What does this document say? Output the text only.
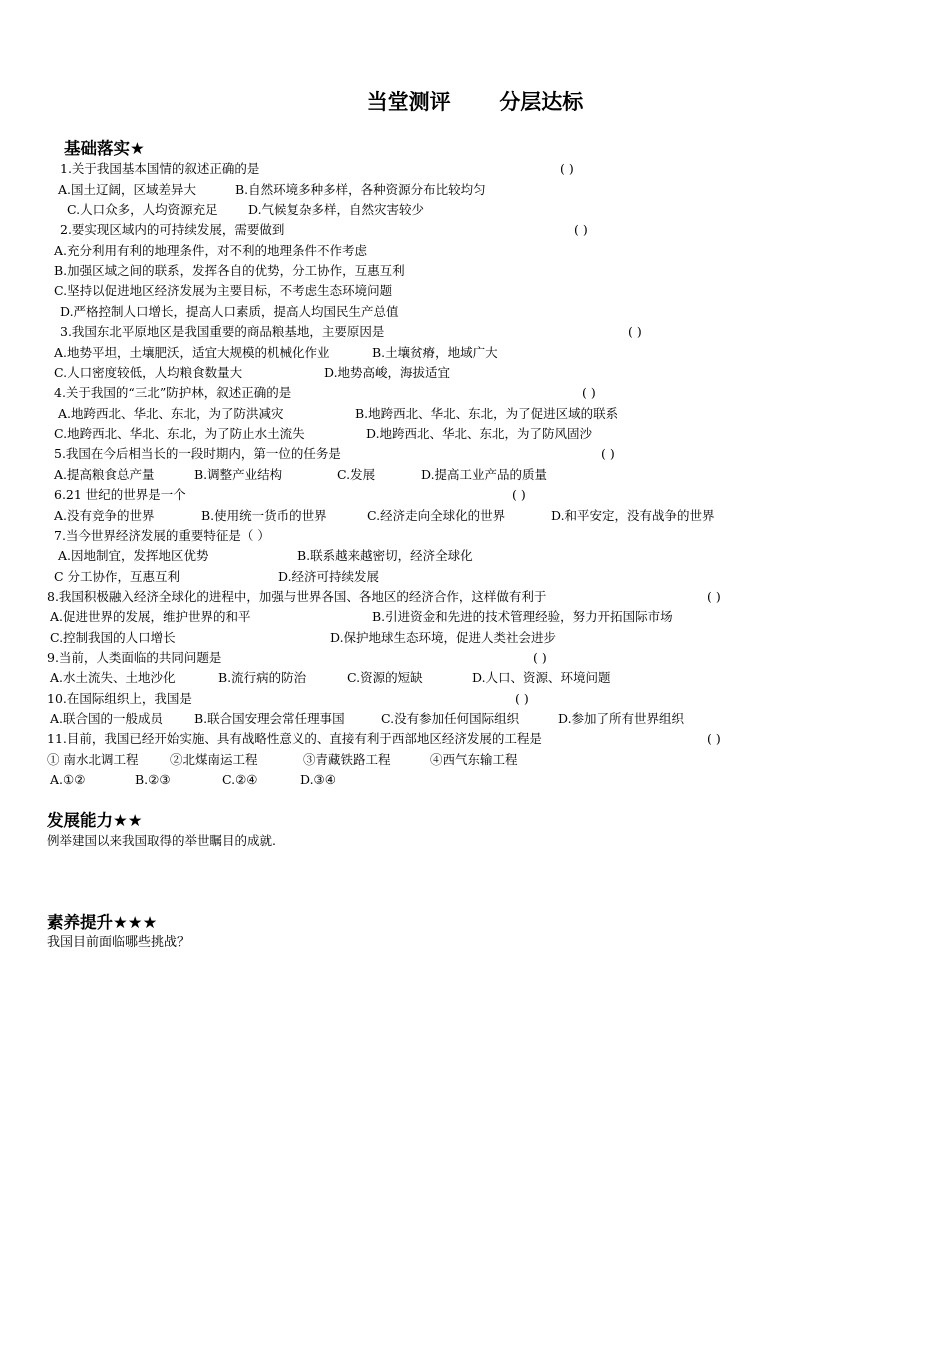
当堂测评 分层达标
基础落实★
1.关于我国基本国情的叙述正确的是	( )
A.国土辽阔，区域差异大	B.自然环境多种多样，各种资源分布比较均匀
C.人口众多，人均资源充足 D.气候复杂多样，自然灾害较少
2.要实现区域内的可持续发展，需要做到	( )
A.充分利用有利的地理条件，对不利的地理条件不作考虑
B.加强区域之间的联系，发挥各自的优势，分工协作，互惠互利
C.坚持以促进地区经济发展为主要目标，不考虑生态环境问题
D.严格控制人口增长，提高人口素质，提高人均国民生产总值
3.我国东北平原地区是我国重要的商品粮基地，主要原因是	( )
A.地势平坦，土壤肥沃，适宜大规模的机械化作业	B.土壤贫瘠，地域广大
C.人口密度较低，人均粮食数量大	D.地势高峻，海拔适宜
4.关于我国的“三北”防护林，叙述正确的是	( )
A.地跨西北、华北、东北，为了防洪减灾	B.地跨西北、华北、东北，为了促进区域的联系
C.地跨西北、华北、东北，为了防止水土流失	D.地跨西北、华北、东北，为了防风固沙
5.我国在今后相当长的一段时期内，第一位的任务是	( )
A.提高粮食总产量	B.调整产业结构	C.发展	D.提高工业产品的质量
6.21 世纪的世界是一个	( )
A.没有竞争的世界	B.使用统一货币的世界	C.经济走向全球化的世界	D.和平安定，没有战争的世界
7.当今世界经济发展的重要特征是（ ）
A.因地制宜，发挥地区优势	B.联系越来越密切，经济全球化
C 分工协作，互惠互利	D.经济可持续发展
8.我国积极融入经济全球化的进程中，加强与世界各国、各地区的经济合作，这样做有利于	( )
A.促进世界的发展，维护世界的和平	B.引进资金和先进的技术管理经验，努力开拓国际市场
C.控制我国的人口增长	D.保护地球生态环境，促进人类社会进步
9.当前，人类面临的共同问题是	( )
A.水土流失、土地沙化	B.流行病的防治	C.资源的短缺	D.人口、资源、环境问题
10.在国际组织上，我国是	( )
A.联合国的一般成员 B.联合国安理会常任理事国	C.没有参加任何国际组织	D.参加了所有世界组织
11.目前，我国已经开始实施、具有战略性意义的、直接有利于西部地区经济发展的工程是	( )
① 南水北调工程	②北煤南运工程	③青藏铁路工程	④西气东输工程
A.①②	B.②③	C.②④	D.③④
发展能力★★
例举建国以来我国取得的举世瞩目的成就.
素养提升★★★
我国目前面临哪些挑战？
